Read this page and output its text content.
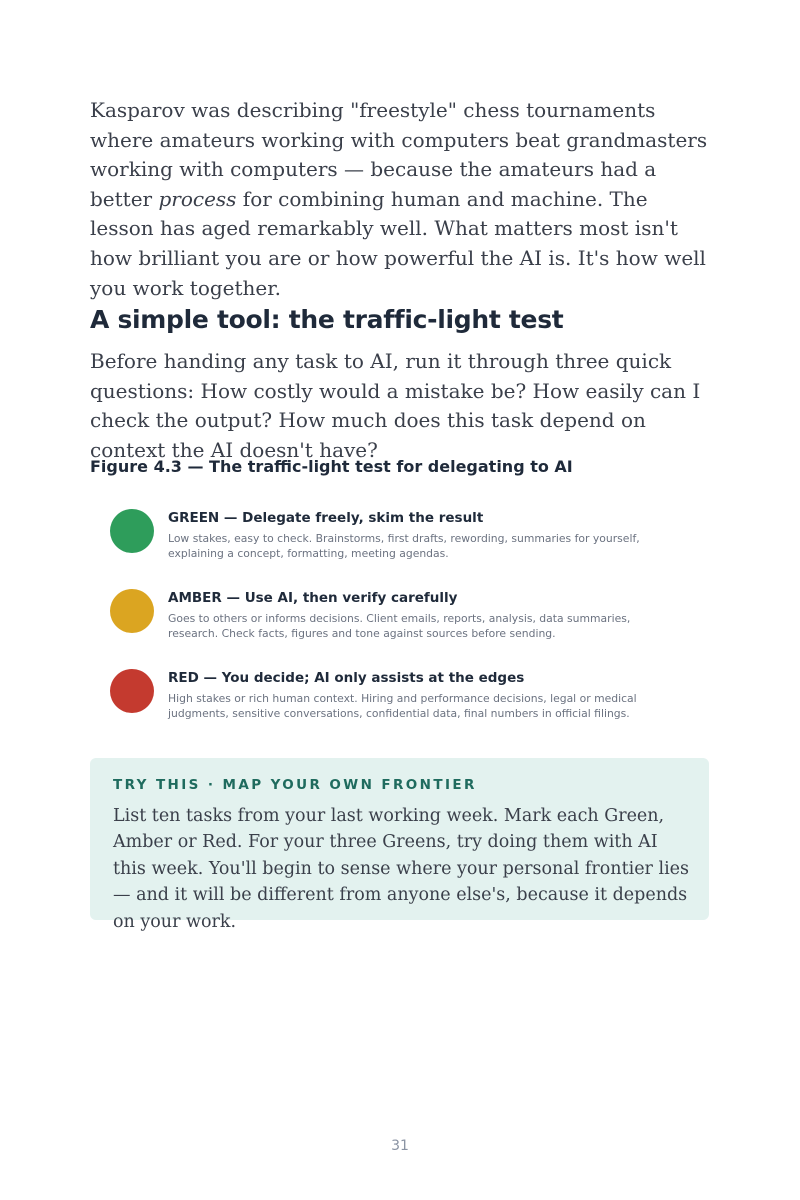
Kasparov was describing "freestyle" chess tournaments where amateurs working with computers beat grandmasters working with computers — because the amateurs had a better process for combining human and machine. The lesson has aged remarkably well. What matters most isn't how brilliant you are or how powerful the AI is. It's how well you work together.

A simple tool: the traffic-light test

Before handing any task to AI, run it through three quick questions: How costly would a mistake be? How easily can I check the output? How much does this task depend on context the AI doesn't have?

Figure 4.3 — The traffic-light test for delegating to AI

GREEN — Delegate freely, skim the result

Low stakes, easy to check. Brainstorms, first drafts, rewording, summaries for yourself, explaining a concept, formatting, meeting agendas.

AMBER — Use AI, then verify carefully

Goes to others or informs decisions. Client emails, reports, analysis, data summaries, research. Check facts, figures and tone against sources before sending.

RED — You decide; AI only assists at the edges

High stakes or rich human context. Hiring and performance decisions, legal or medical judgments, sensitive conversations, confidential data, final numbers in official filings.

TRY THIS · MAP YOUR OWN FRONTIER

List ten tasks from your last working week. Mark each Green, Amber or Red. For your three Greens, try doing them with AI this week. You'll begin to sense where your personal frontier lies — and it will be different from anyone else's, because it depends on your work.

31
